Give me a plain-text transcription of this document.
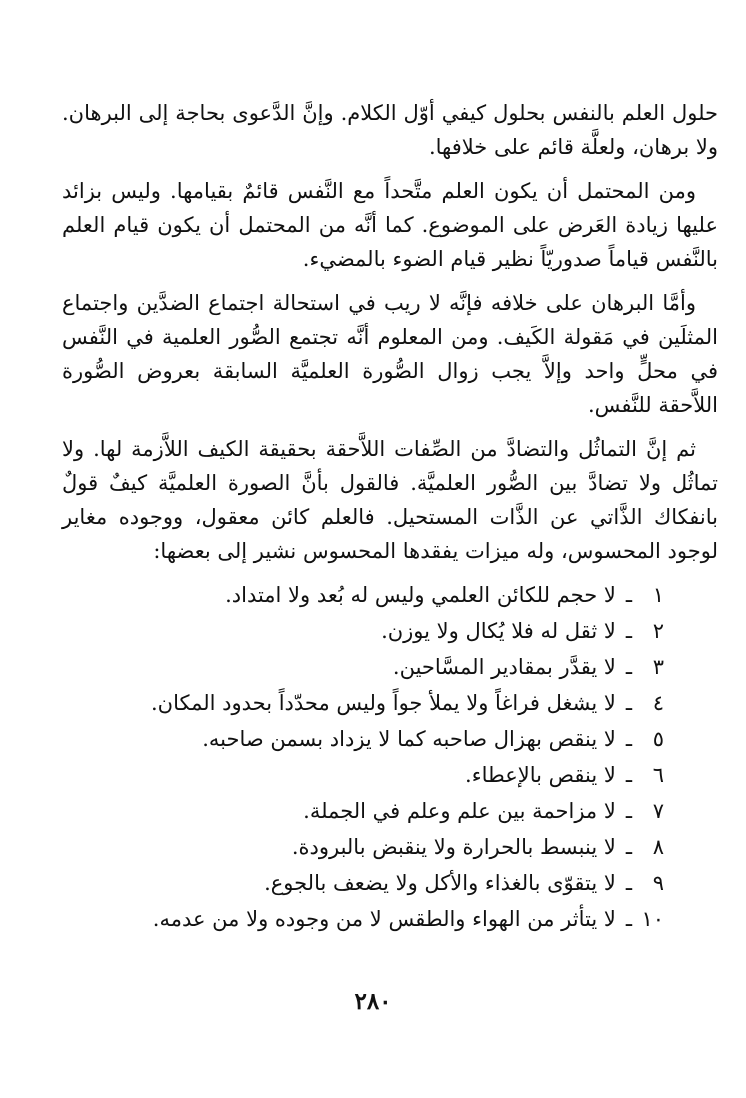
حلول العلم بالنفس بحلول كيفي أوّل الكلام. وإنَّ الدَّعوى بحاجة إلى البرهان. ولا برهان، ولعلَّة قائم على خلافها.

ومن المحتمل أن يكون العلم متَّحداً مع النَّفس قائمٌ بقيامها. وليس بزائد عليها زيادة العَرض على الموضوع. كما أنَّه من المحتمل أن يكون قيام العلم بالنَّفس قياماً صدوريّاً نظير قيام الضوء بالمضيء.

وأمَّا البرهان على خلافه فإنَّه لا ريب في استحالة اجتماع الضدَّين واجتماع المثلَين في مَقولة الكَيف. ومن المعلوم أنَّه تجتمع الصُّور العلمية في النَّفس في محلٍّ واحد وإلاَّ يجب زوال الصُّورة العلميَّة السابقة بعروض الصُّورة اللاَّحقة للنَّفس.

ثم إنَّ التماثُل والتضادَّ من الصِّفات اللاَّحقة بحقيقة الكيف اللاَّزمة لها. ولا تماثُل ولا تضادَّ بين الصُّور العلميَّة. فالقول بأنَّ الصورة العلميَّة كيفٌ قولٌ بانفكاك الذَّاتي عن الذَّات المستحيل. فالعلم كائن معقول، ووجوده مغاير لوجود المحسوس، وله ميزات يفقدها المحسوس نشير إلى بعضها:

١
ـ
لا حجم للكائن العلمي وليس له بُعد ولا امتداد.
٢
ـ
لا ثقل له فلا يُكال ولا يوزن.
٣
ـ
لا يقدَّر بمقادير المسَّاحين.
٤
ـ
لا يشغل فراغاً ولا يملأ جواً وليس محدّداً بحدود المكان.
٥
ـ
لا ينقص بهزال صاحبه كما لا يزداد بسمن صاحبه.
٦
ـ
لا ينقص بالإعطاء.
٧
ـ
لا مزاحمة بين علم وعلم في الجملة.
٨
ـ
لا ينبسط بالحرارة ولا ينقبض بالبرودة.
٩
ـ
لا يتقوّى بالغذاء والأكل ولا يضعف بالجوع.
١٠
ـ
لا يتأثر من الهواء والطقس لا من وجوده ولا من عدمه.
٢٨٠
